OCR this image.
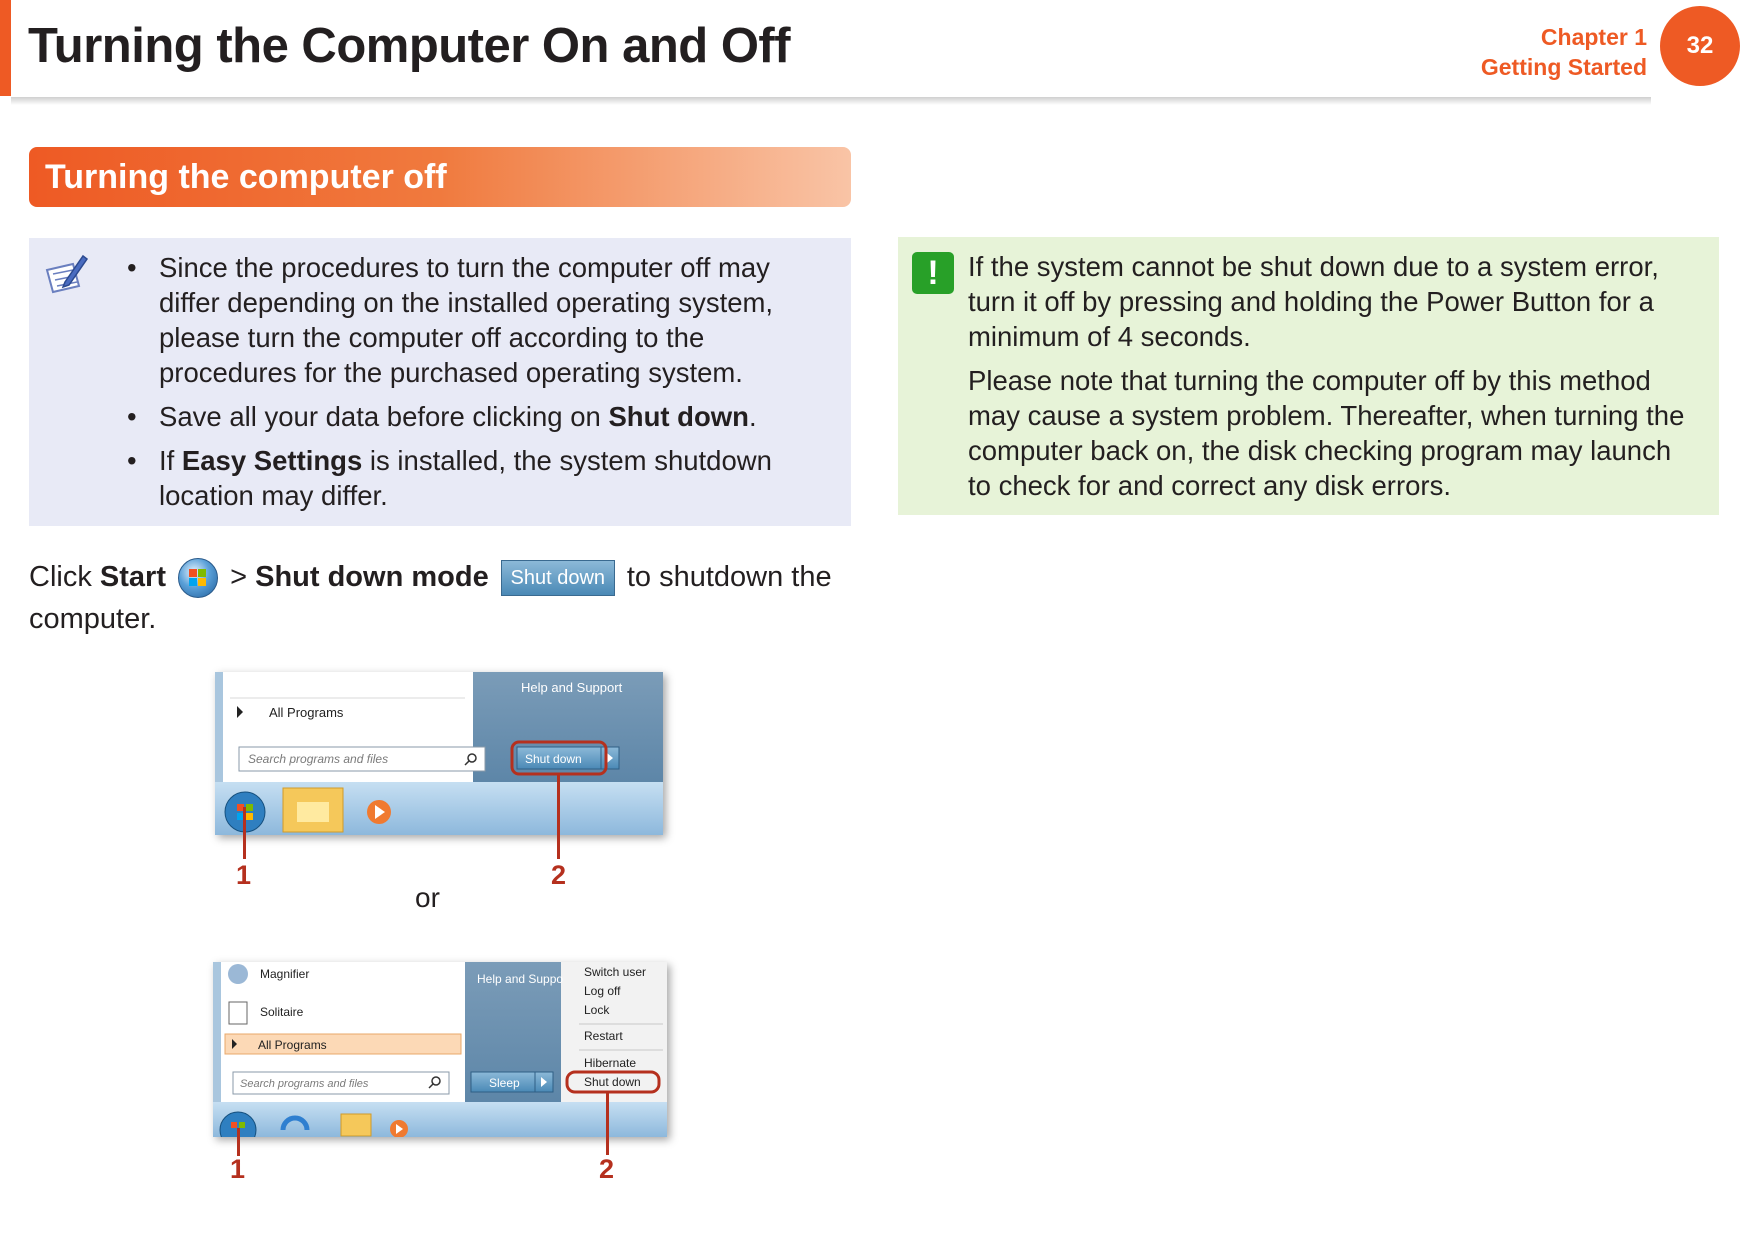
Turning the Computer On and Off	Chapter 1
Getting Started
32
Turning the computer off
• Since the procedures to turn the computer off may differ depending on the installed operating system, please turn the computer off according to the procedures for the purchased operating system.
• Save all your data before clicking on Shut down.
• If Easy Settings is installed, the system shutdown location may differ.
Click Start > Shut down mode Shut down to shutdown the computer.
All Programs
Search programs and files
Help and Support
Shut down
1	2
or
Magnifier
Solitaire
All Programs
Search programs and files
Help and Suppo
Sleep
Switch user
Log off
Lock
Restart
Hibernate
Shut down
1	2
!	If the system cannot be shut down due to a system error, turn it off by pressing and holding the Power Button for a minimum of 4 seconds.

Please note that turning the computer off by this method may cause a system problem. Thereafter, when turning the computer back on, the disk checking program may launch to check for and correct any disk errors.
